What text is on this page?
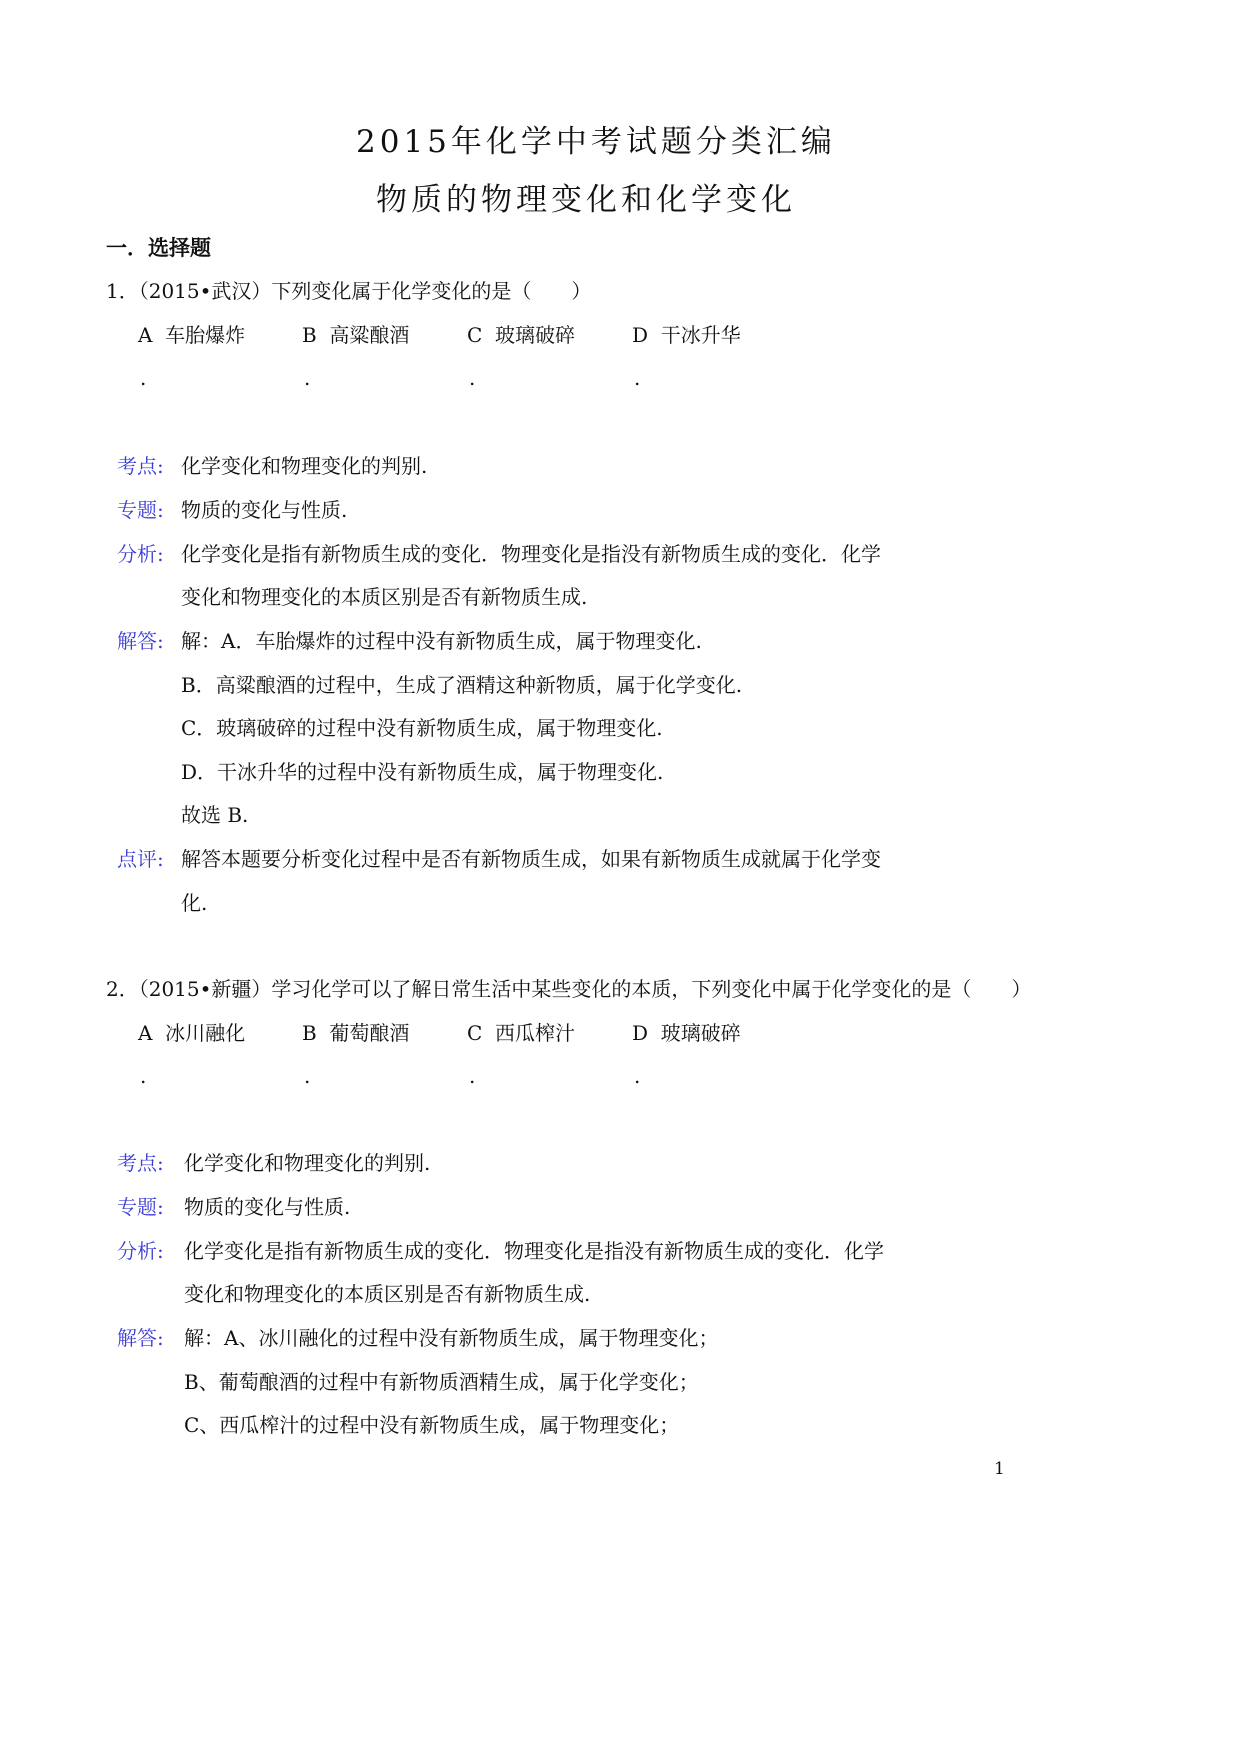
2015年化学中考试题分类汇编
物质的物理变化和化学变化
一．选择题
1．（2015•武汉）下列变化属于化学变化的是（　　）
A 车胎爆炸	B 高粱酿酒	C 玻璃破碎	D 干冰升华
.	.	.	.
考点: 化学变化和物理变化的判别.
专题: 物质的变化与性质.
分析: 化学变化是指有新物质生成的变化．物理变化是指没有新物质生成的变化．化学
变化和物理变化的本质区别是否有新物质生成.
解答: 解：A．车胎爆炸的过程中没有新物质生成，属于物理变化.
B．高粱酿酒的过程中，生成了酒精这种新物质，属于化学变化.
C．玻璃破碎的过程中没有新物质生成，属于物理变化.
D．干冰升华的过程中没有新物质生成，属于物理变化.
故选 B.
点评: 解答本题要分析变化过程中是否有新物质生成，如果有新物质生成就属于化学变
化.
2．（2015•新疆）学习化学可以了解日常生活中某些变化的本质，下列变化中属于化学变化的是（　　）
A 冰川融化	B 葡萄酿酒	C 西瓜榨汁	D 玻璃破碎
.	.	.	.
考点: 化学变化和物理变化的判别.
专题: 物质的变化与性质.
分析: 化学变化是指有新物质生成的变化．物理变化是指没有新物质生成的变化．化学
变化和物理变化的本质区别是否有新物质生成.
解答: 解：A、冰川融化的过程中没有新物质生成，属于物理变化；
B、葡萄酿酒的过程中有新物质酒精生成，属于化学变化；
C、西瓜榨汁的过程中没有新物质生成，属于物理变化；
1
